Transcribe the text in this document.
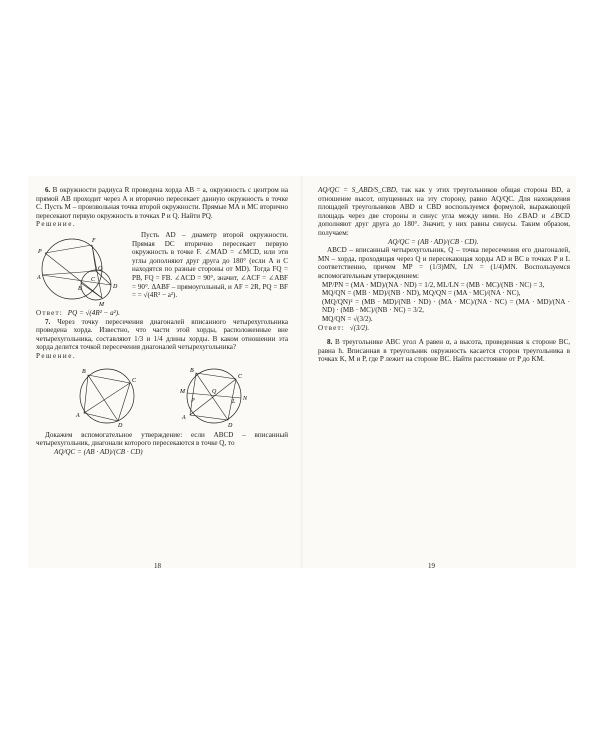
6. В окружности радиуса R проведена хорда AB = a, окружность с центром на прямой AB проходит через A и вторично пересекает данную окружность в точке C. Пусть M – произвольная точка второй окружности. Прямые MA и MC вторично пересекают первую окружность в точках P и Q. Найти PQ.

Решение.

P
F
Q
A
B
C
M
D

Пусть AD – диаметр второй окружности. Прямая DC вторично пересекает первую окружность в точке F. ∠MAD = ∠MCD, или эти углы дополняют друг друга до 180° (если A и C находятся по разные стороны от MD). Тогда FQ = PB, FQ = FB. ∠ACD = 90°, значит, ∠ACF = ∠ABF = 90°. ΔABF – прямоугольный, и AF = 2R, PQ = BF = = √(4R² − a²).

Ответ: PQ = √(4R² − a²).

7. Через точку пересечения диагоналей вписанного четырехугольника проведена хорда. Известно, что части этой хорды, расположенные вне четырехугольника, составляют 1/3 и 1/4 длины хорды. В каком отношении эта хорда делится точкой пересечения диагоналей четырехугольника?

Решение.

B
C
D
A
B
C
D
A
M
N
Q
P	L

Докажем вспомогательное утверждение: если ABCD – вписанный четырехугольник, диагонали которого пересекаются в точке Q, то

AQ/QC = (AB · AD)/(CB · CD)

18

AQ/QC = S_ABD/S_CBD, так как у этих треугольников общая сторона BD, а отношение высот, опущенных на эту сторону, равно AQ/QC. Для нахождения площадей треугольников ABD и CBD воспользуемся формулой, выражающей площадь через две стороны и синус угла между ними. Но ∠BAD и ∠BCD дополняют друг друга до 180°. Значит, у них равны синусы. Таким образом, получаем:

AQ/QC = (AB · AD)/(CB · CD).

ABCD – вписанный четырехугольник, Q – точка пересечения его диагоналей, MN – хорда, проходящая через Q и пересекающая хорды AD и BC в точках P и L соответственно, причем MP = (1/3)MN, LN = (1/4)MN. Воспользуемся вспомогательным утверждением:

MP/PN = (MA · MD)/(NA · ND) = 1/2, ML/LN = (MB · MC)/(NB · NC) = 3,

MQ/QN = (MB · MD)/(NB · ND), MQ/QN = (MA · MC)/(NA · NC),

(MQ/QN)² = (MB · MD)/(NB · ND) · (MA · MC)/(NA · NC) = (MA · MD)/(NA · ND) · (MB · MC)/(NB · NC) = 3/2,

MQ/QN = √(3/2).

Ответ: √(3/2).

8. В треугольнике ABC угол A равен α, а высота, проведенная к стороне BC, равна h. Вписанная в треугольник окружность касается сторон треугольника в точках K, M и P, где P лежит на стороне BC. Найти расстояние от P до KM.

19
